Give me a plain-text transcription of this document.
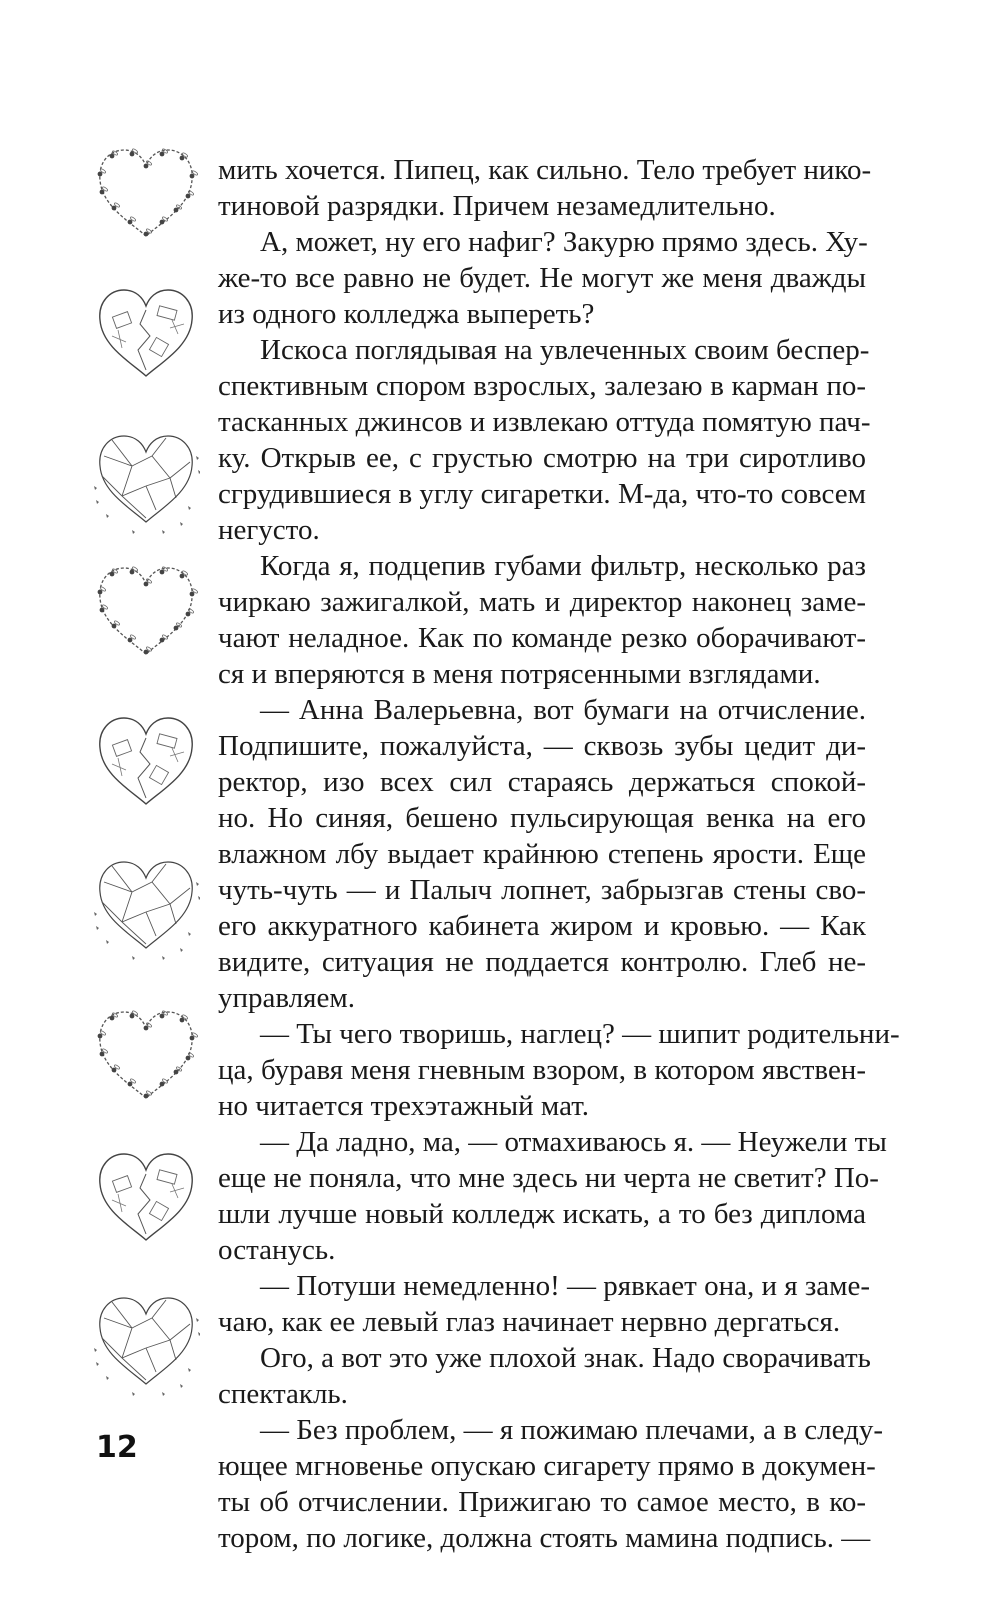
мить хочется. Пипец, как сильно. Тело требует нико-
тиновой разрядки. Причем незамедлительно.
А, может, ну его нафиг? Закурю прямо здесь. Ху-
же-то все равно не будет. Не могут же меня дважды
из одного колледжа выпереть?
Искоса поглядывая на увлеченных своим беспер-
спективным спором взрослых, залезаю в карман по-
тасканных джинсов и извлекаю оттуда помятую пач-
ку. Открыв ее, с грустью смотрю на три сиротливо
сгрудившиеся в углу сигаретки. М-да, что-то совсем
негусто.
Когда я, подцепив губами фильтр, несколько раз
чиркаю зажигалкой, мать и директор наконец заме-
чают неладное. Как по команде резко оборачивают-
ся и вперяются в меня потрясенными взглядами.
— Анна Валерьевна, вот бумаги на отчисление.
Подпишите, пожалуйста, — сквозь зубы цедит ди-
ректор, изо всех сил стараясь держаться спокой-
но. Но синяя, бешено пульсирующая венка на его
влажном лбу выдает крайнюю степень ярости. Еще
чуть-чуть — и Палыч лопнет, забрызгав стены сво-
его аккуратного кабинета жиром и кровью. — Как
видите, ситуация не поддается контролю. Глеб не-
управляем.
— Ты чего творишь, наглец? — шипит родительни-
ца, буравя меня гневным взором, в котором явствен-
но читается трехэтажный мат.
— Да ладно, ма, — отмахиваюсь я. — Неужели ты
еще не поняла, что мне здесь ни черта не светит? По-
шли лучше новый колледж искать, а то без диплома
останусь.
— Потуши немедленно! — рявкает она, и я заме-
чаю, как ее левый глаз начинает нервно дергаться.
Ого, а вот это уже плохой знак. Надо сворачивать
спектакль.
— Без проблем, — я пожимаю плечами, а в следу-
ющее мгновенье опускаю сигарету прямо в докумен-
ты об отчислении. Прижигаю то самое место, в ко-
тором, по логике, должна стоять мамина подпись. —
12
